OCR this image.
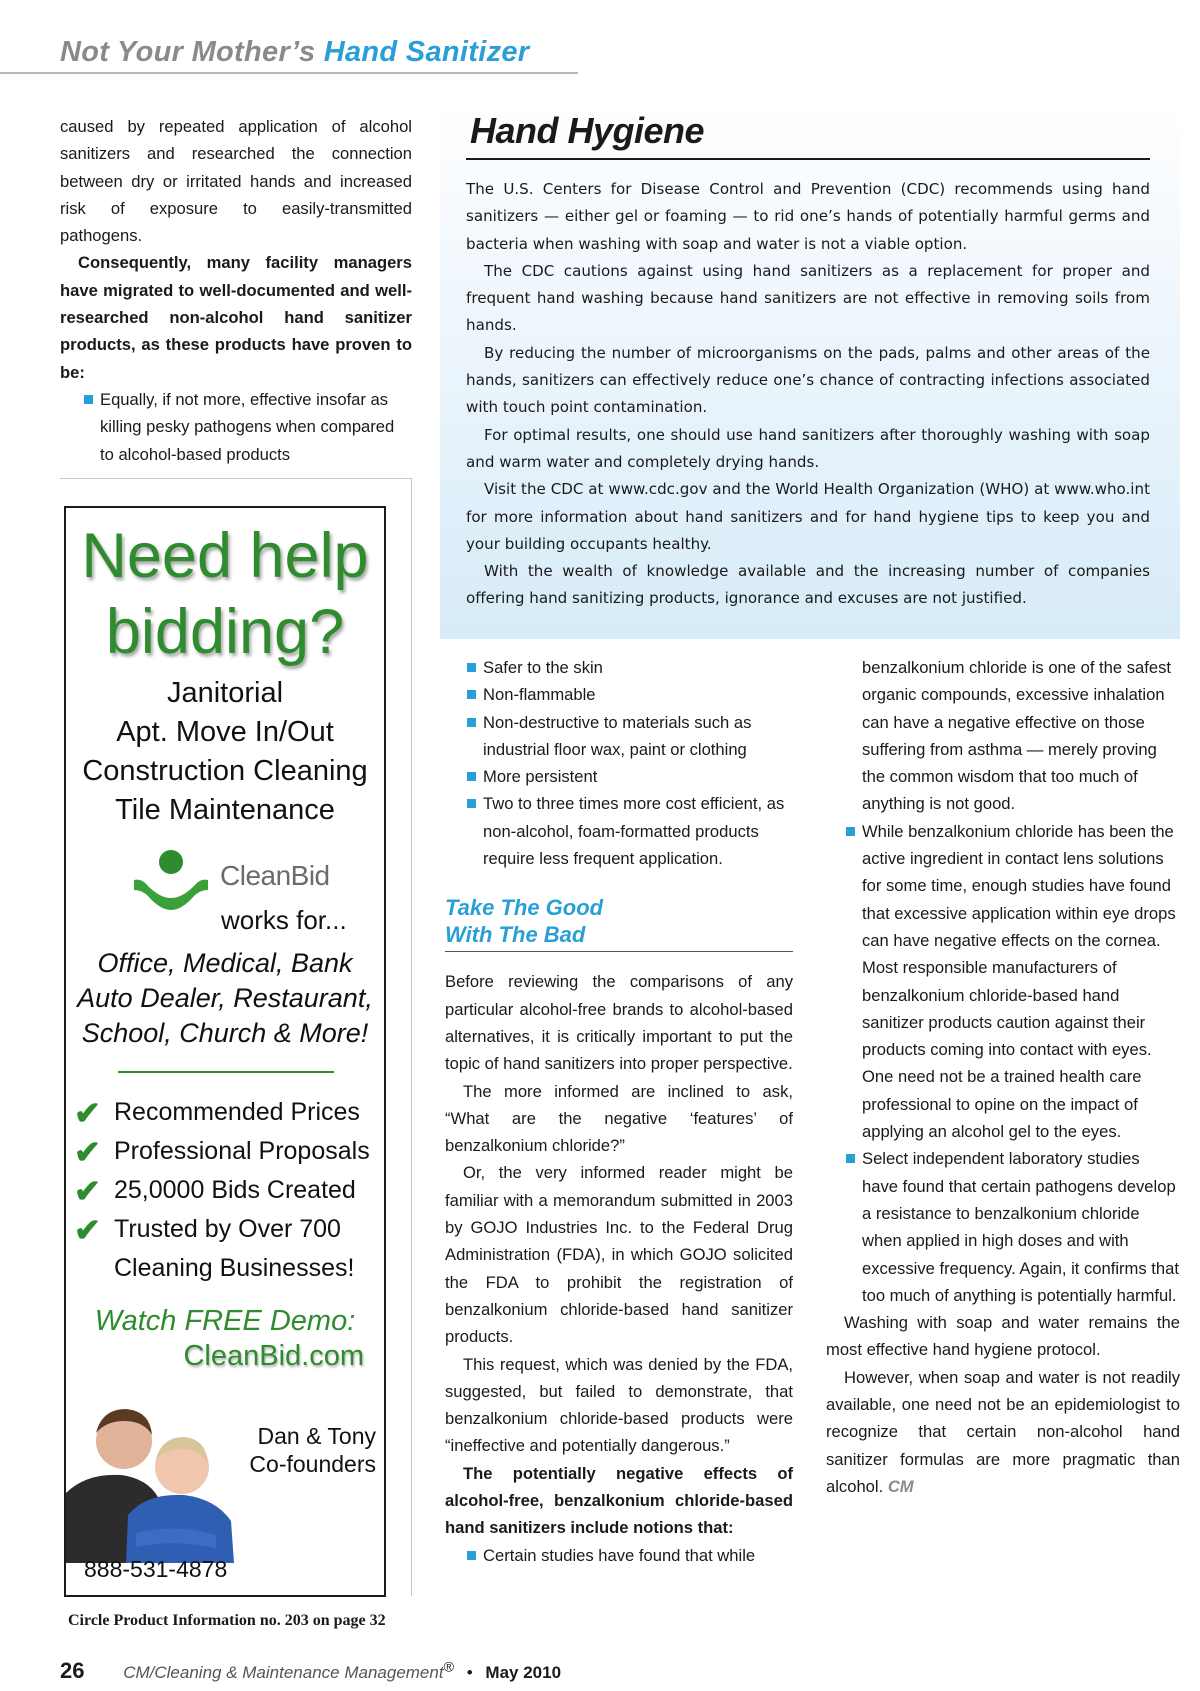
Not Your Mother’s Hand Sanitizer

caused by repeated application of alcohol sanitizers and researched the connection between dry or irritated hands and increased risk of exposure to easily-transmitted pathogens.

Consequently, many facility managers have migrated to well-documented and well-researched non-alcohol hand sanitizer products, as these products have proven to be:

Equally, if not more, effective insofar as killing pesky pathogens when compared to alcohol-based products
Need help bidding?
Janitorial
Apt. Move In/Out
Construction Cleaning
Tile Maintenance
CleanBid
works for...
Office, Medical, Bank
Auto Dealer, Restaurant,
School, Church & More!
✔ Recommended Prices
✔ Professional Proposals
✔ 25,0000 Bids Created
✔ Trusted by Over 700 Cleaning Businesses!
Watch FREE Demo:
CleanBid.com
Dan & Tony
Co-founders
888-531-4878
Circle Product Information no. 203 on page 32
Hand Hygiene

The U.S. Centers for Disease Control and Prevention (CDC) recommends using hand sanitizers — either gel or foaming — to rid one’s hands of potentially harmful germs and bacteria when washing with soap and water is not a viable option.

The CDC cautions against using hand sanitizers as a replacement for proper and frequent hand washing because hand sanitizers are not effective in removing soils from hands.

By reducing the number of microorganisms on the pads, palms and other areas of the hands, sanitizers can effectively reduce one’s chance of contracting infections associated with touch point contamination.

For optimal results, one should use hand sanitizers after thoroughly washing with soap and warm water and completely drying hands.

Visit the CDC at www.cdc.gov and the World Health Organization (WHO) at www.who.int for more information about hand sanitizers and for hand hygiene tips to keep you and your building occupants healthy.

With the wealth of knowledge available and the increasing number of companies offering hand sanitizing products, ignorance and excuses are not justified.

Safer to the skin
Non-flammable
Non-destructive to materials such as industrial floor wax, paint or clothing
More persistent
Two to three times more cost efficient, as non-alcohol, foam-formatted products require less frequent application.
Take The Good
With The Bad

Before reviewing the comparisons of any particular alcohol-free brands to alcohol-based alternatives, it is critically important to put the topic of hand sanitizers into proper perspective.

The more informed are inclined to ask, “What are the negative ‘features’ of benzalkonium chloride?”

Or, the very informed reader might be familiar with a memorandum submitted in 2003 by GOJO Industries Inc. to the Federal Drug Administration (FDA), in which GOJO solicited the FDA to prohibit the registration of benzalkonium chloride-based hand sanitizer products.

This request, which was denied by the FDA, suggested, but failed to demonstrate, that benzalkonium chloride-based products were “ineffective and potentially dangerous.”

The potentially negative effects of alcohol-free, benzalkonium chloride-based hand sanitizers include notions that:

Certain studies have found that while

benzalkonium chloride is one of the safest organic compounds, excessive inhalation can have a negative effective on those suffering from asthma — merely proving the common wisdom that too much of anything is not good.

While benzalkonium chloride has been the active ingredient in contact lens solutions for some time, enough studies have found that excessive application within eye drops can have negative effects on the cornea. Most responsible manufacturers of benzalkonium chloride-based hand sanitizer products caution against their products coming into contact with eyes. One need not be a trained health care professional to opine on the impact of applying an alcohol gel to the eyes.
Select independent laboratory studies have found that certain pathogens develop a resistance to benzalkonium chloride when applied in high doses and with excessive frequency. Again, it confirms that too much of anything is potentially harmful.

Washing with soap and water remains the most effective hand hygiene protocol.

However, when soap and water is not readily available, one need not be an epidemiologist to recognize that certain non-alcohol hand sanitizer formulas are more pragmatic than alcohol. CM

26 CM/Cleaning & Maintenance Management® • May 2010
